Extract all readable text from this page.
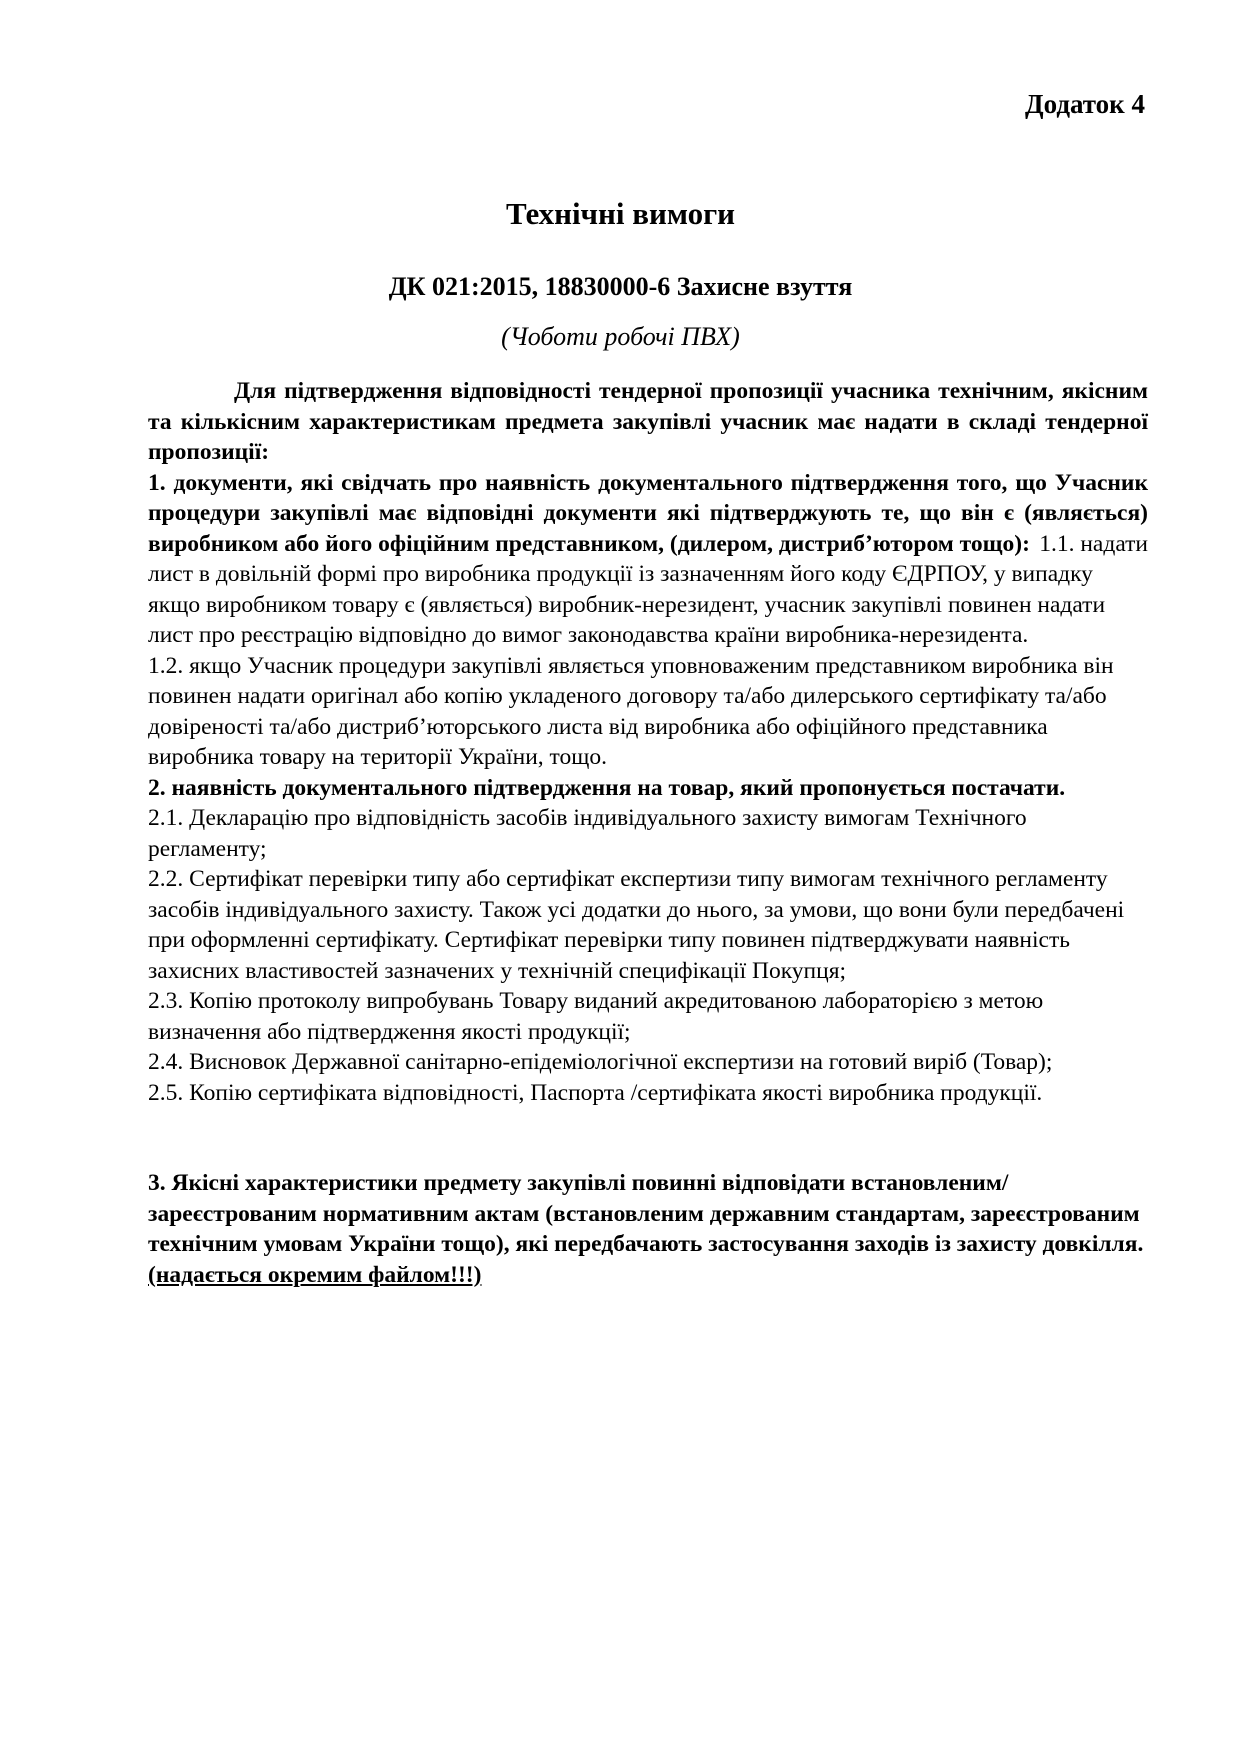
Додаток 4
Технічні вимоги
ДК 021:2015, 18830000-6 Захисне взуття
(Чоботи робочі ПВХ)

Для підтвердження відповідності тендерної пропозиції учасника технічним, якісним та кількісним характеристикам предмета закупівлі учасник має надати в складі тендерної пропозиції:

1. документи, які свідчать про наявність документального підтвердження того, що Учасник процедури закупівлі має відповідні документи які підтверджують те, що він є (являється) виробником або його офіційним представником, (дилером, дистриб’ютором тощо): 1.1. надати

лист в довільній формі про виробника продукції із зазначенням його коду ЄДРПОУ, у випадку якщо виробником товару є (являється) виробник-нерезидент, учасник закупівлі повинен надати лист про реєстрацію відповідно до вимог законодавства країни виробника-нерезидента.

1.2. якщо Учасник процедури закупівлі являється уповноваженим представником виробника він повинен надати оригінал або копію укладеного договору та/або дилерського сертифікату та/або довіреності та/або дистриб’юторського листа від виробника або офіційного представника виробника товару на території України, тощо.

2. наявність документального підтвердження на товар, який пропонується постачати.

2.1. Декларацію про відповідність засобів індивідуального захисту вимогам Технічного регламенту;

2.2. Сертифікат перевірки типу або сертифікат експертизи типу вимогам технічного регламенту засобів індивідуального захисту. Також усі додатки до нього, за умови, що вони були передбачені при оформленні сертифікату. Сертифікат перевірки типу повинен підтверджувати наявність захисних властивостей зазначених у технічній специфікації Покупця;

2.3. Копію протоколу випробувань Товару виданий акредитованою лабораторією з метою визначення або підтвердження якості продукції;

2.4. Висновок Державної санітарно-епідеміологічної експертизи на готовий виріб (Товар);

2.5. Копію сертифіката відповідності, Паспорта /сертифіката якості виробника продукції.

3. Якісні характеристики предмету закупівлі повинні відповідати встановленим/зареєстрованим нормативним актам (встановленим державним стандартам, зареєстрованим технічним умовам України тощо), які передбачають застосування заходів із захисту довкілля. (надається окремим файлом!!!)
